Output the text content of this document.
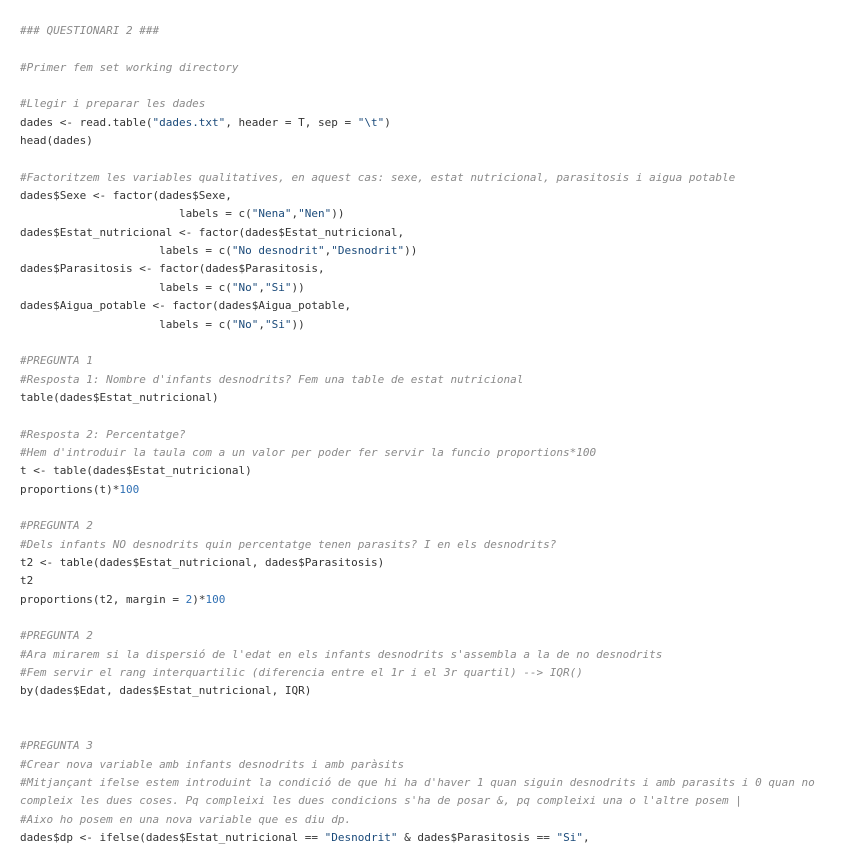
### QUESTIONARI 2 ###

#Primer fem set working directory

#Llegir i preparar les dades
dades <- read.table("dades.txt", header = T, sep = "\t")
head(dades)

#Factoritzem les variables qualitatives, en aquest cas: sexe, estat nutricional, parasitosis i aigua potable
dades$Sexe <- factor(dades$Sexe,
labels = c("Nena","Nen"))
dades$Estat_nutricional <- factor(dades$Estat_nutricional,
labels = c("No desnodrit","Desnodrit"))
dades$Parasitosis <- factor(dades$Parasitosis,
labels = c("No","Si"))
dades$Aigua_potable <- factor(dades$Aigua_potable,
labels = c("No","Si"))

#PREGUNTA 1
#Resposta 1: Nombre d'infants desnodrits? Fem una table de estat nutricional
table(dades$Estat_nutricional)

#Resposta 2: Percentatge?
#Hem d'introduir la taula com a un valor per poder fer servir la funcio proportions*100
t <- table(dades$Estat_nutricional)
proportions(t)*100

#PREGUNTA 2
#Dels infants NO desnodrits quin percentatge tenen parasits? I en els desnodrits?
t2 <- table(dades$Estat_nutricional, dades$Parasitosis)
t2
proportions(t2, margin = 2)*100

#PREGUNTA 2
#Ara mirarem si la dispersió de l'edat en els infants desnodrits s'assembla a la de no desnodrits
#Fem servir el rang interquartilic (diferencia entre el 1r i el 3r quartil) --> IQR()
by(dades$Edat, dades$Estat_nutricional, IQR)

#PREGUNTA 3
#Crear nova variable amb infants desnodrits i amb paràsits
#Mitjançant ifelse estem introduint la condició de que hi ha d'haver 1 quan siguin desnodrits i amb parasits i 0 quan no
compleix les dues coses. Pq compleixi les dues condicions s'ha de posar &, pq compleixi una o l'altre posem |
#Aixo ho posem en una nova variable que es diu dp.
dades$dp <- ifelse(dades$Estat_nutricional == "Desnodrit" & dades$Parasitosis == "Si",
